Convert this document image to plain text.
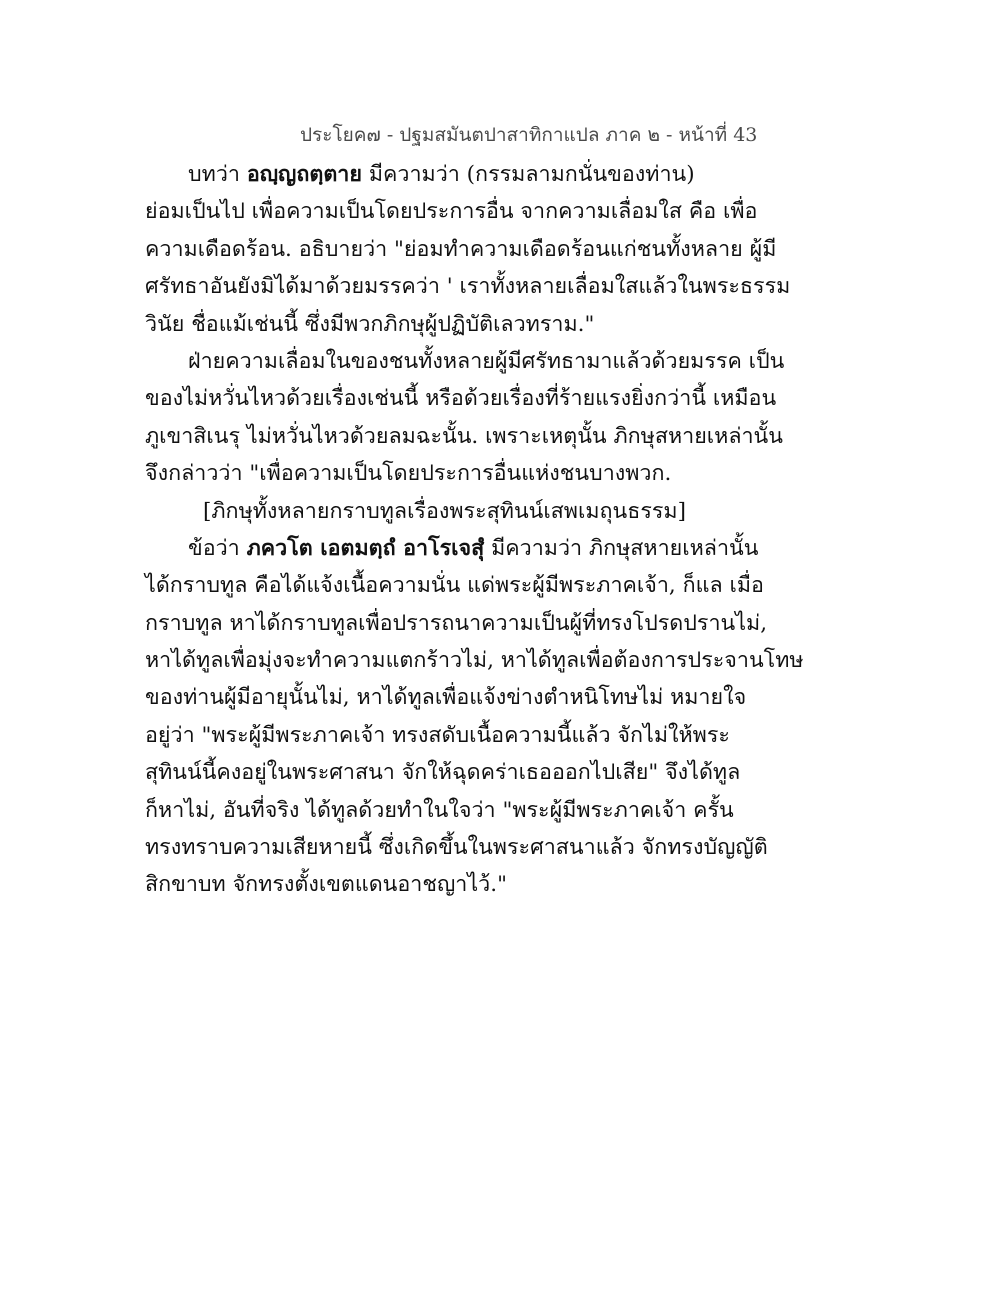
ประโยค๗ - ปฐมสมันตปาสาทิกาแปล ภาค ๒ - หน้าที่ 43
บทว่า อญฺญถตฺตาย มีความว่า (กรรมลามกนั่นของท่าน)
ย่อมเป็นไป เพื่อความเป็นโดยประการอื่น จากความเลื่อมใส คือ เพื่อ
ความเดือดร้อน. อธิบายว่า "ย่อมทำความเดือดร้อนแก่ชนทั้งหลาย ผู้มี
ศรัทธาอันยังมิได้มาด้วยมรรคว่า ' เราทั้งหลายเลื่อมใสแล้วในพระธรรม
วินัย ชื่อแม้เช่นนี้ ซึ่งมีพวกภิกษุผู้ปฏิบัติเลวทราม."
ฝ่ายความเลื่อมในของชนทั้งหลายผู้มีศรัทธามาแล้วด้วยมรรค เป็น
ของไม่หวั่นไหวด้วยเรื่องเช่นนี้ หรือด้วยเรื่องที่ร้ายแรงยิ่งกว่านี้ เหมือน
ภูเขาสิเนรุ ไม่หวั่นไหวด้วยลมฉะนั้น. เพราะเหตุนั้น ภิกษุสหายเหล่านั้น
จึงกล่าวว่า "เพื่อความเป็นโดยประการอื่นแห่งชนบางพวก.
[ภิกษุทั้งหลายกราบทูลเรื่องพระสุทินน์เสพเมถุนธรรม]
ข้อว่า ภควโต เอตมตฺถํ อาโรเจสุํ มีความว่า ภิกษุสหายเหล่านั้น
ได้กราบทูล คือได้แจ้งเนื้อความนั่น แด่พระผู้มีพระภาคเจ้า, ก็แล เมื่อ
กราบทูล หาได้กราบทูลเพื่อปรารถนาความเป็นผู้ที่ทรงโปรดปรานไม่,
หาได้ทูลเพื่อมุ่งจะทำความแตกร้าวไม่, หาได้ทูลเพื่อต้องการประจานโทษ
ของท่านผู้มีอายุนั้นไม่, หาได้ทูลเพื่อแจ้งข่างตำหนิโทษไม่ หมายใจ
อยู่ว่า "พระผู้มีพระภาคเจ้า ทรงสดับเนื้อความนี้แล้ว จักไม่ให้พระ
สุทินน์นี้คงอยู่ในพระศาสนา จักให้ฉุดคร่าเธอออกไปเสีย" จึงได้ทูล
ก็หาไม่, อันที่จริง ได้ทูลด้วยทำในใจว่า "พระผู้มีพระภาคเจ้า ครั้น
ทรงทราบความเสียหายนี้ ซึ่งเกิดขึ้นในพระศาสนาแล้ว จักทรงบัญญัติ
สิกขาบท จักทรงตั้งเขตแดนอาชญาไว้."
